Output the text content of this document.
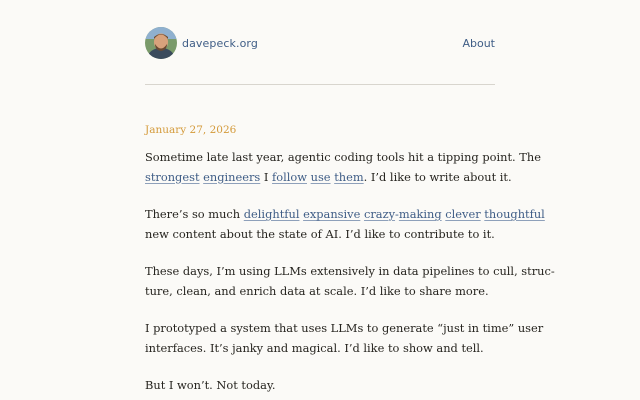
davepeck.org	About
January 27, 2026

Sometime late last year, agentic coding tools hit a tipping point. The
strongest engineers I follow use them. I’d like to write about it.

There’s so much delightful expansive crazy-making clever thoughtful
new content about the state of AI. I’d like to contribute to it.

These days, I’m using LLMs extensively in data pipelines to cull, struc-
ture, clean, and enrich data at scale. I’d like to share more.

I prototyped a system that uses LLMs to generate “just in time” user
interfaces. It’s janky and magical. I’d like to show and tell.

But I won’t. Not today.
